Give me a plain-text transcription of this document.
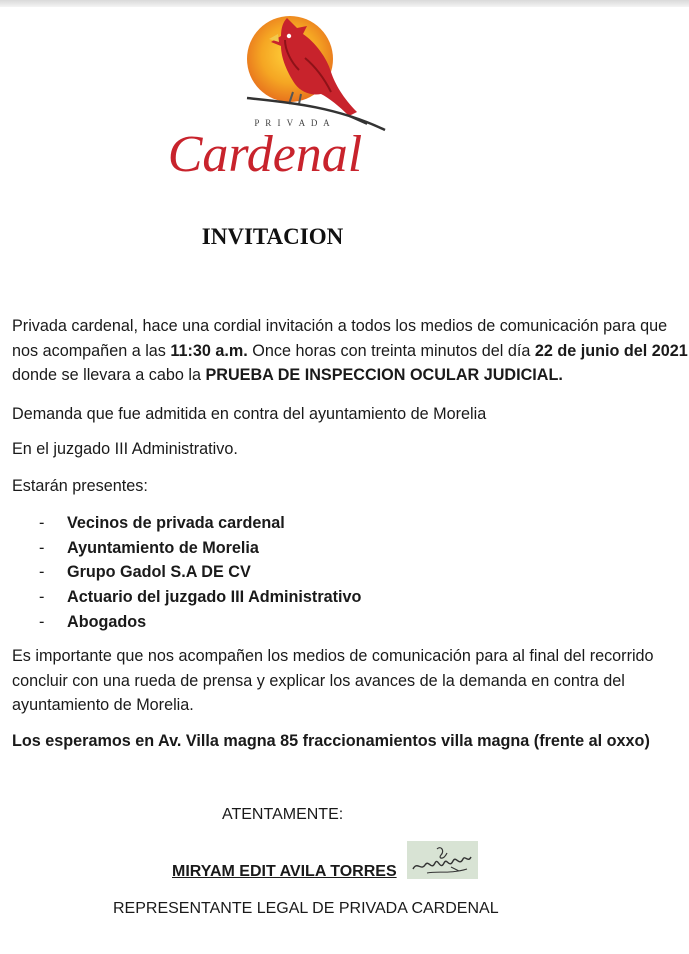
P R I V A D A
Cardenal
INVITACION

Privada cardenal, hace una cordial invitación a todos los medios de comunicación para que nos acompañen a las 11:30 a.m. Once horas con treinta minutos del día 22 de junio del 2021 donde se llevara a cabo la PRUEBA DE INSPECCION OCULAR JUDICIAL.

Demanda que fue admitida en contra del ayuntamiento de Morelia

En el juzgado III Administrativo.

Estarán presentes:

- Vecinos de privada cardenal
- Ayuntamiento de Morelia
- Grupo Gadol S.A DE CV
- Actuario del juzgado III Administrativo
- Abogados

Es importante que nos acompañen los medios de comunicación para al final del recorrido concluir con una rueda de prensa y explicar los avances de la demanda en contra del ayuntamiento de Morelia.

Los esperamos en Av. Villa magna 85 fraccionamientos villa magna (frente al oxxo)

ATENTAMENTE:
MIRYAM EDIT AVILA TORRES
REPRESENTANTE LEGAL DE PRIVADA CARDENAL
